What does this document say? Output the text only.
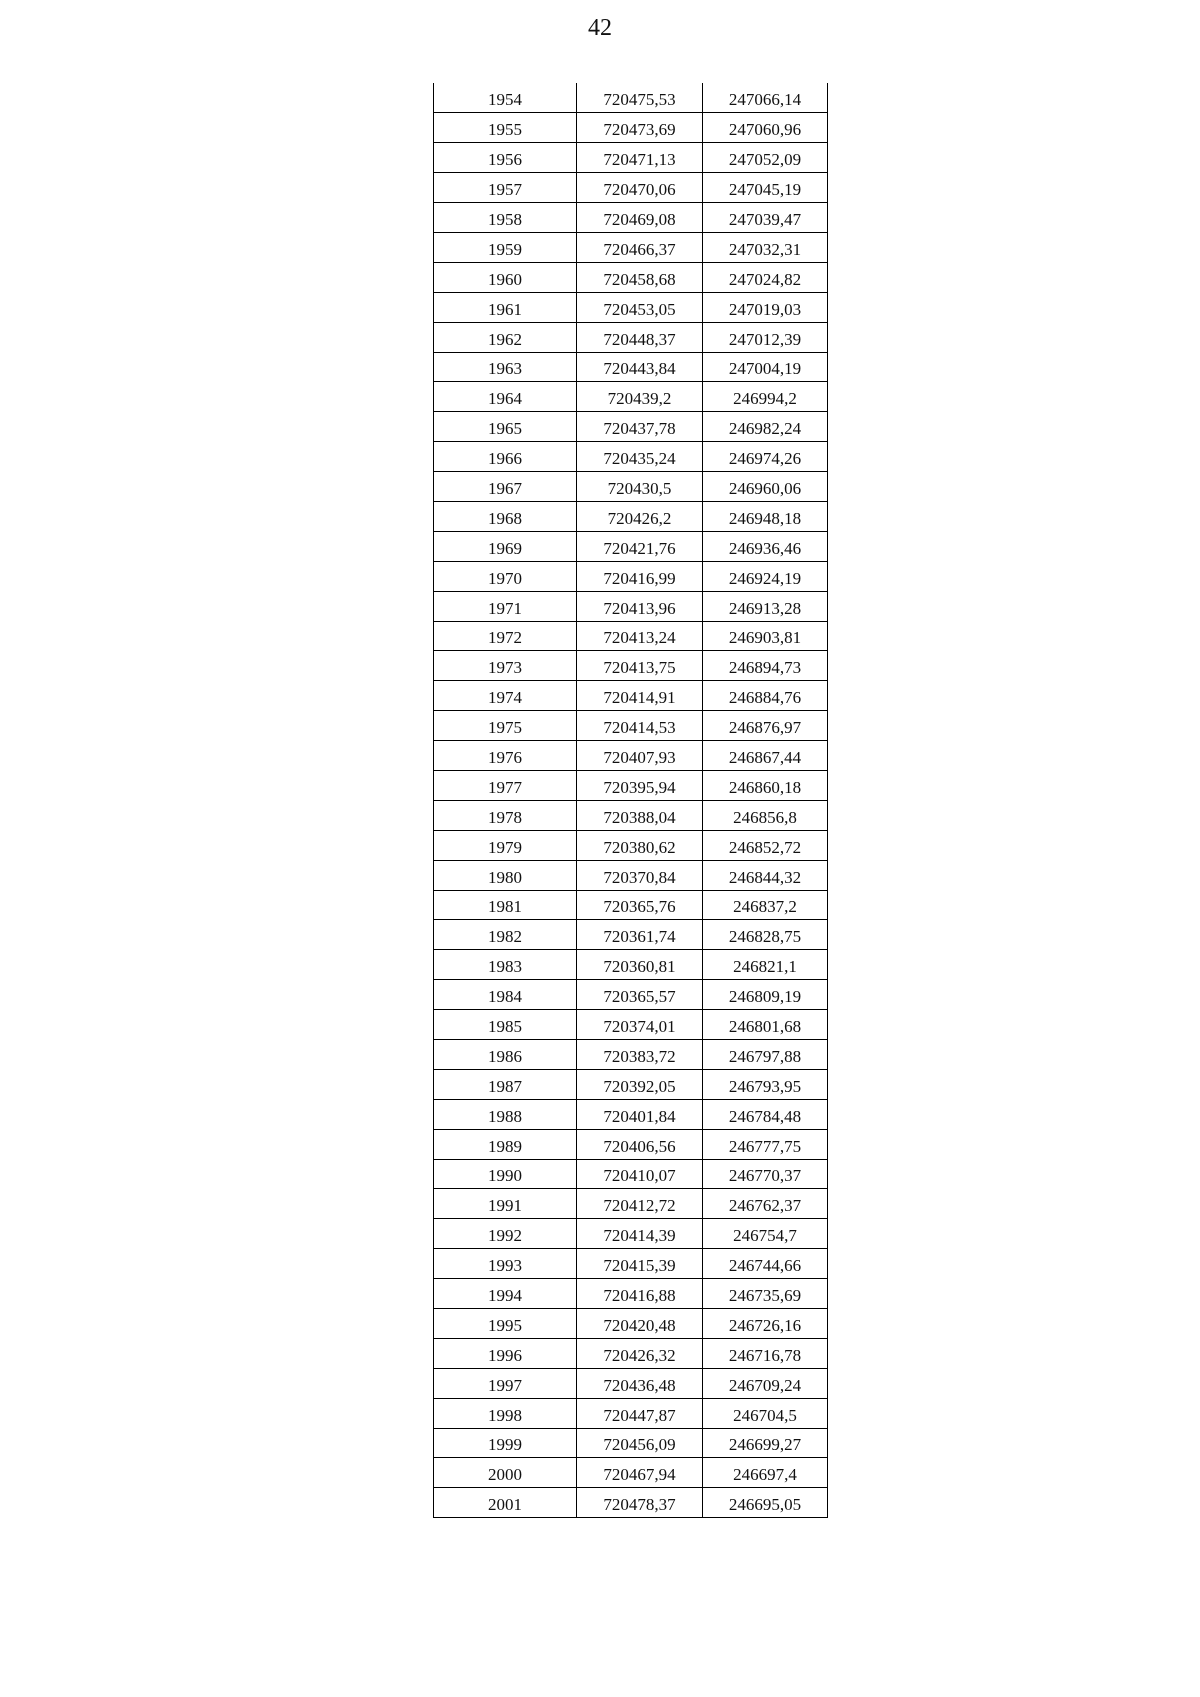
42
1954	720475,53	247066,14
1955	720473,69	247060,96
1956	720471,13	247052,09
1957	720470,06	247045,19
1958	720469,08	247039,47
1959	720466,37	247032,31
1960	720458,68	247024,82
1961	720453,05	247019,03
1962	720448,37	247012,39
1963	720443,84	247004,19
1964	720439,2	246994,2
1965	720437,78	246982,24
1966	720435,24	246974,26
1967	720430,5	246960,06
1968	720426,2	246948,18
1969	720421,76	246936,46
1970	720416,99	246924,19
1971	720413,96	246913,28
1972	720413,24	246903,81
1973	720413,75	246894,73
1974	720414,91	246884,76
1975	720414,53	246876,97
1976	720407,93	246867,44
1977	720395,94	246860,18
1978	720388,04	246856,8
1979	720380,62	246852,72
1980	720370,84	246844,32
1981	720365,76	246837,2
1982	720361,74	246828,75
1983	720360,81	246821,1
1984	720365,57	246809,19
1985	720374,01	246801,68
1986	720383,72	246797,88
1987	720392,05	246793,95
1988	720401,84	246784,48
1989	720406,56	246777,75
1990	720410,07	246770,37
1991	720412,72	246762,37
1992	720414,39	246754,7
1993	720415,39	246744,66
1994	720416,88	246735,69
1995	720420,48	246726,16
1996	720426,32	246716,78
1997	720436,48	246709,24
1998	720447,87	246704,5
1999	720456,09	246699,27
2000	720467,94	246697,4
2001	720478,37	246695,05
